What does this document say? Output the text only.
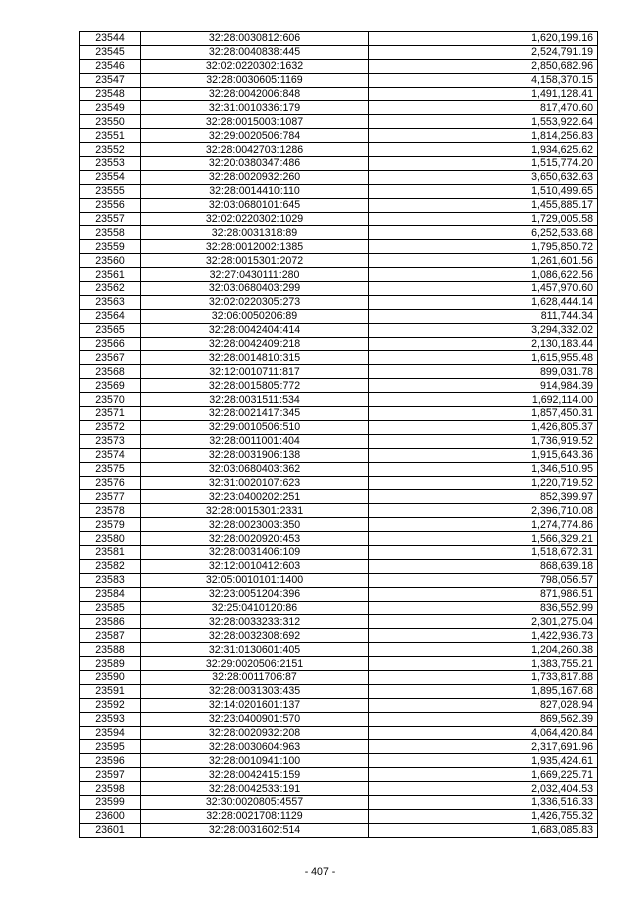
23544	32:28:0030812:606	1,620,199.16
23545	32:28:0040838:445	2,524,791.19
23546	32:02:0220302:1632	2,850,682.96
23547	32:28:0030605:1169	4,158,370.15
23548	32:28:0042006:848	1,491,128.41
23549	32:31:0010336:179	817,470.60
23550	32:28:0015003:1087	1,553,922.64
23551	32:29:0020506:784	1,814,256.83
23552	32:28:0042703:1286	1,934,625.62
23553	32:20:0380347:486	1,515,774.20
23554	32:28:0020932:260	3,650,632.63
23555	32:28:0014410:110	1,510,499.65
23556	32:03:0680101:645	1,455,885.17
23557	32:02:0220302:1029	1,729,005.58
23558	32:28:0031318:89	6,252,533.68
23559	32:28:0012002:1385	1,795,850.72
23560	32:28:0015301:2072	1,261,601.56
23561	32:27:0430111:280	1,086,622.56
23562	32:03:0680403:299	1,457,970.60
23563	32:02:0220305:273	1,628,444.14
23564	32:06:0050206:89	811,744.34
23565	32:28:0042404:414	3,294,332.02
23566	32:28:0042409:218	2,130,183.44
23567	32:28:0014810:315	1,615,955.48
23568	32:12:0010711:817	899,031.78
23569	32:28:0015805:772	914,984.39
23570	32:28:0031511:534	1,692,114.00
23571	32:28:0021417:345	1,857,450.31
23572	32:29:0010506:510	1,426,805.37
23573	32:28:0011001:404	1,736,919.52
23574	32:28:0031906:138	1,915,643.36
23575	32:03:0680403:362	1,346,510.95
23576	32:31:0020107:623	1,220,719.52
23577	32:23:0400202:251	852,399.97
23578	32:28:0015301:2331	2,396,710.08
23579	32:28:0023003:350	1,274,774.86
23580	32:28:0020920:453	1,566,329.21
23581	32:28:0031406:109	1,518,672.31
23582	32:12:0010412:603	868,639.18
23583	32:05:0010101:1400	798,056.57
23584	32:23:0051204:396	871,986.51
23585	32:25:0410120:86	836,552.99
23586	32:28:0033233:312	2,301,275.04
23587	32:28:0032308:692	1,422,936.73
23588	32:31:0130601:405	1,204,260.38
23589	32:29:0020506:2151	1,383,755.21
23590	32:28:0011706:87	1,733,817.88
23591	32:28:0031303:435	1,895,167.68
23592	32:14:0201601:137	827,028.94
23593	32:23:0400901:570	869,562.39
23594	32:28:0020932:208	4,064,420.84
23595	32:28:0030604:963	2,317,691.96
23596	32:28:0010941:100	1,935,424.61
23597	32:28:0042415:159	1,669,225.71
23598	32:28:0042533:191	2,032,404.53
23599	32:30:0020805:4557	1,336,516.33
23600	32:28:0021708:1129	1,426,755.32
23601	32:28:0031602:514	1,683,085.83
- 407 -
